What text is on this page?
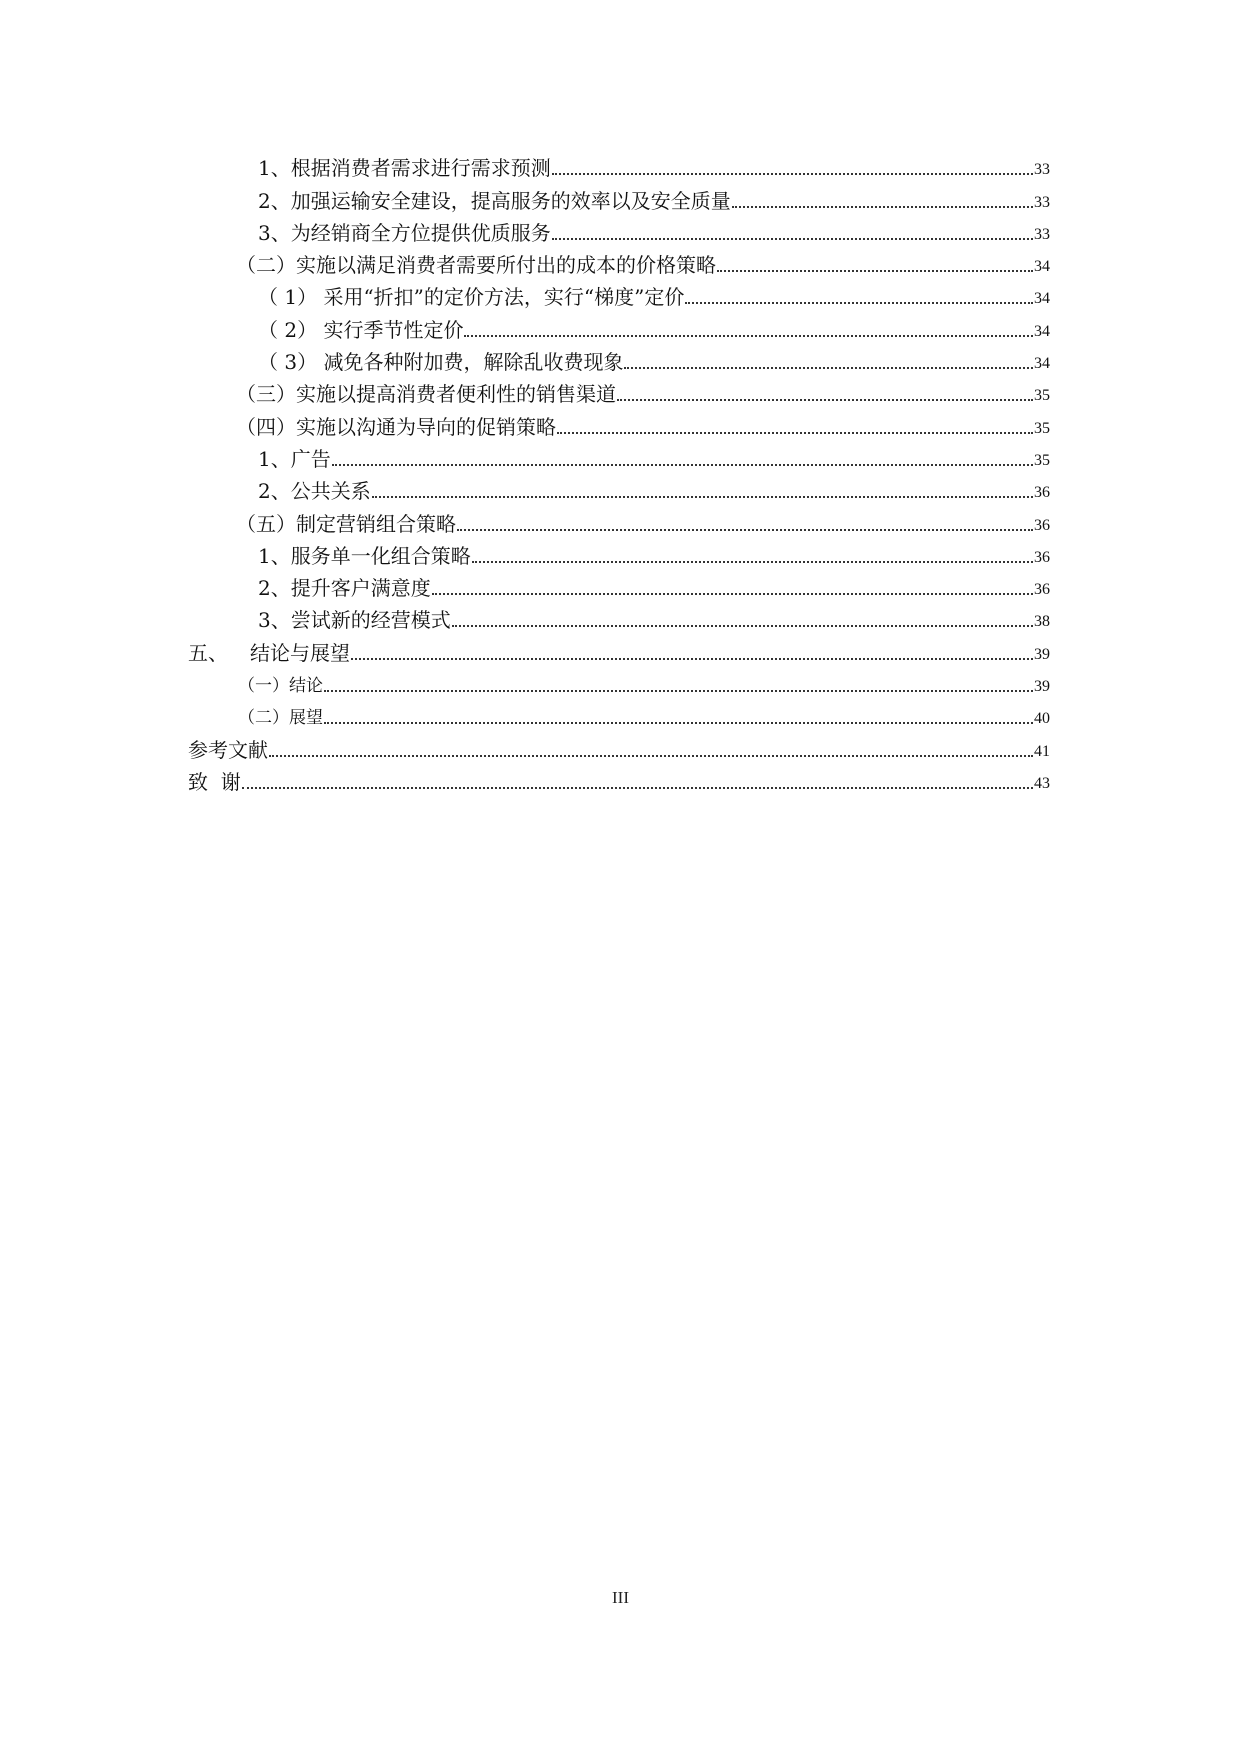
1、根据消费者需求进行需求预测	33
2、加强运输安全建设，提高服务的效率以及安全质量	33
3、为经销商全方位提供优质服务	33
（二）实施以满足消费者需要所付出的成本的价格策略	34
（ 1） 采用“折扣”的定价方法，实行“梯度”定价	34
（ 2） 实行季节性定价	34
（ 3） 减免各种附加费，解除乱收费现象	34
（三）实施以提高消费者便利性的销售渠道	35
（四）实施以沟通为导向的促销策略	35
1、广告	35
2、公共关系	36
（五）制定营销组合策略	36
1、服务单一化组合策略	36
2、提升客户满意度	36
3、尝试新的经营模式	38
五、 结论与展望	39
（一）结论	39
（二）展望	40
参考文献	41
致  谢	43
III
